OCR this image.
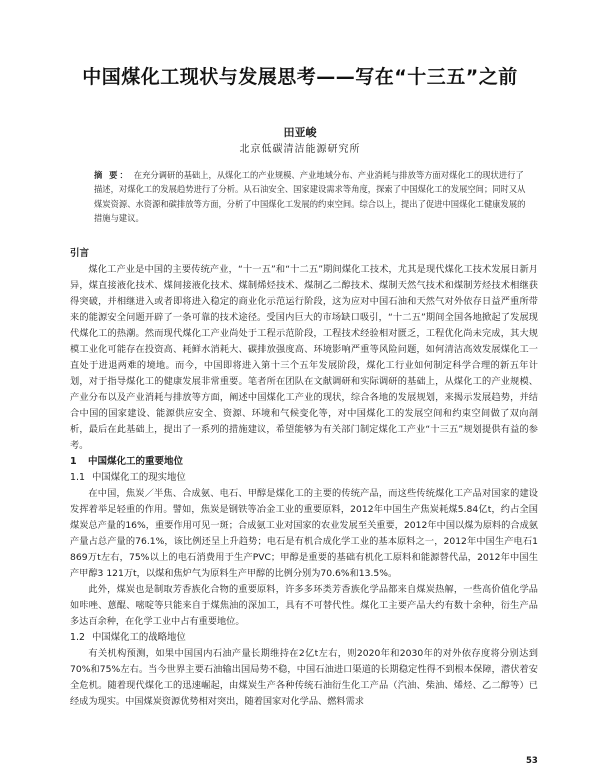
中国煤化工现状与发展思考——写在“十三五”之前
田亚峻
北京低碳清洁能源研究所
摘 要： 在充分调研的基础上，从煤化工的产业规模、产业地域分布、产业消耗与排放等方面对煤化工的现状进行了描述，对煤化工的发展趋势进行了分析。从石油安全、国家建设需求等角度，探索了中国煤化工的发展空间；同时又从煤炭资源、水资源和碳排放等方面，分析了中国煤化工发展的约束空间。综合以上，提出了促进中国煤化工健康发展的措施与建议。

引言

煤化工产业是中国的主要传统产业，“十一五”和“十二五”期间煤化工技术，尤其是现代煤化工技术发展日新月异，煤直接液化技术、煤间接液化技术、煤制烯烃技术、煤制乙二醇技术、煤制天然气技术和煤制芳烃技术相继获得突破，并相继进入或者即将进入稳定的商业化示范运行阶段，这为应对中国石油和天然气对外依存日益严重所带来的能源安全问题开辟了一条可靠的技术途径。受国内巨大的市场缺口吸引，“十二五”期间全国各地掀起了发展现代煤化工的热潮。然而现代煤化工产业尚处于工程示范阶段，工程技术经验相对匮乏，工程优化尚未完成，其大规模工业化可能存在投资高、耗鲜水消耗大、碳排放强度高、环境影响严重等风险问题，如何清洁高效发展煤化工一直处于进退两难的境地。而今，中国即将进入第十三个五年发展阶段，煤化工行业如何制定科学合理的新五年计划，对于指导煤化工的健康发展非常重要。笔者所在团队在文献调研和实际调研的基础上，从煤化工的产业规模、产业分布以及产业消耗与排放等方面，阐述中国煤化工产业的现状，综合各地的发展规划，来揭示发展趋势，并结合中国的国家建设、能源供应安全、资源、环境和气候变化等，对中国煤化工的发展空间和约束空间做了双向剖析，最后在此基础上，提出了一系列的措施建议，希望能够为有关部门制定煤化工产业“十三五”规划提供有益的参考。

1 中国煤化工的重要地位

1.1 中国煤化工的现实地位

在中国，焦炭／半焦、合成氨、电石、甲醇是煤化工的主要的传统产品，而这些传统煤化工产品对国家的建设发挥着举足轻重的作用。譬如，焦炭是钢铁等冶金工业的重要原料，2012年中国生产焦炭耗煤5.84亿t，约占全国煤炭总产量的16%，重要作用可见一斑；合成氨工业对国家的农业发展至关重要，2012年中国以煤为原料的合成氨产量占总产量的76.1%，该比例还呈上升趋势；电石是有机合成化学工业的基本原料之一，2012年中国生产电石1 869万t左右，75%以上的电石消费用于生产PVC；甲醇是重要的基础有机化工原料和能源替代品，2012年中国生产甲醇3 121万t，以煤和焦炉气为原料生产甲醇的比例分别为70.6%和13.5%。

此外，煤炭也是制取芳香族化合物的重要原料，许多多环类芳香族化学品都来自煤炭热解，一些高价值化学品如咔唑、蒽醌、嘧啶等只能来自于煤焦油的深加工，具有不可替代性。煤化工主要产品大约有数十余种，衍生产品多达百余种，在化学工业中占有重要地位。

1.2 中国煤化工的战略地位

有关机构预测，如果中国国内石油产量长期维持在2亿t左右，则2020年和2030年的对外依存度将分别达到70%和75%左右。当今世界主要石油输出国局势不稳，中国石油进口渠道的长期稳定性得不到根本保障，潜伏着安全危机。随着现代煤化工的迅速崛起，由煤炭生产各种传统石油衍生化工产品（汽油、柴油、烯烃、乙二醇等）已经成为现实。中国煤炭资源优势相对突出，随着国家对化学品、燃料需求

53
